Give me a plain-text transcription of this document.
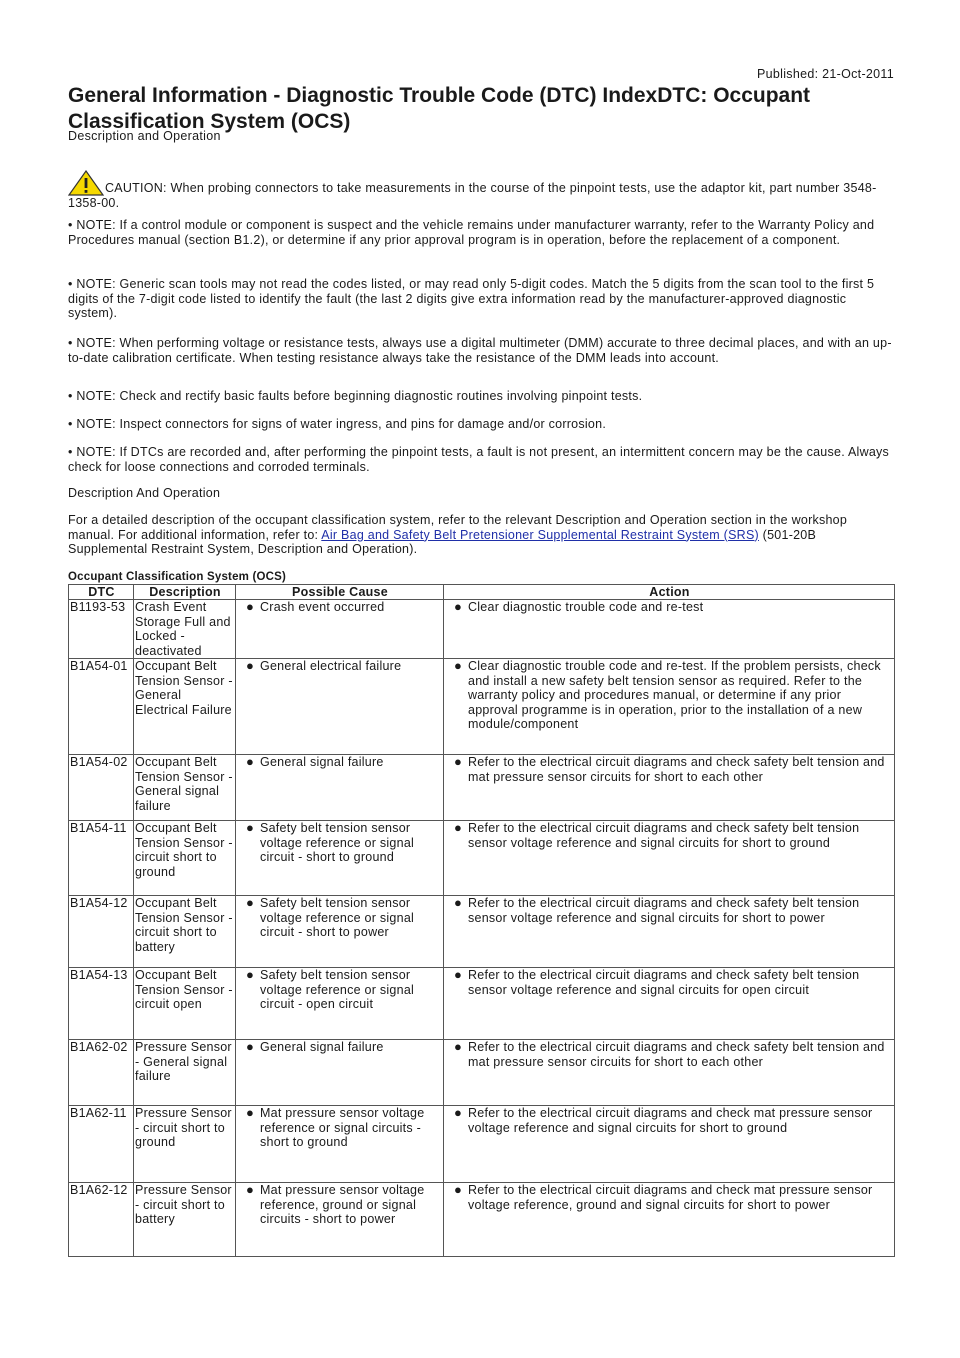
Published: 21-Oct-2011
General Information - Diagnostic Trouble Code (DTC) IndexDTC: Occupant Classification System (OCS)
Description and Operation

CAUTION: When probing connectors to take measurements in the course of the pinpoint tests, use the adaptor kit, part number 3548-1358-00.

• NOTE: If a control module or component is suspect and the vehicle remains under manufacturer warranty, refer to the Warranty Policy and Procedures manual (section B1.2), or determine if any prior approval program is in operation, before the replacement of a component.

• NOTE: Generic scan tools may not read the codes listed, or may read only 5-digit codes. Match the 5 digits from the scan tool to the first 5 digits of the 7-digit code listed to identify the fault (the last 2 digits give extra information read by the manufacturer-approved diagnostic system).

• NOTE: When performing voltage or resistance tests, always use a digital multimeter (DMM) accurate to three decimal places, and with an up-to-date calibration certificate. When testing resistance always take the resistance of the DMM leads into account.

• NOTE: Check and rectify basic faults before beginning diagnostic routines involving pinpoint tests.

• NOTE: Inspect connectors for signs of water ingress, and pins for damage and/or corrosion.

• NOTE: If DTCs are recorded and, after performing the pinpoint tests, a fault is not present, an intermittent concern may be the cause. Always check for loose connections and corroded terminals.

Description And Operation

For a detailed description of the occupant classification system, refer to the relevant Description and Operation section in the workshop manual. For additional information, refer to: Air Bag and Safety Belt Pretensioner Supplemental Restraint System (SRS) (501-20B Supplemental Restraint System, Description and Operation).

Occupant Classification System (OCS)
DTC	Description	Possible Cause	Action
B1193-53	Crash Event Storage Full and Locked - deactivated	● Crash event occurred	● Clear diagnostic trouble code and re-test

B1A54-01	Occupant Belt Tension Sensor - General Electrical Failure	● General electrical failure	● Clear diagnostic trouble code and re-test. If the problem persists, check and install a new safety belt tension sensor as required. Refer to the warranty policy and procedures manual, or determine if any prior approval programme is in operation, prior to the installation of a new module/component

B1A54-02	Occupant Belt Tension Sensor - General signal failure	● General signal failure	● Refer to the electrical circuit diagrams and check safety belt tension and mat pressure sensor circuits for short to each other

B1A54-11	Occupant Belt Tension Sensor - circuit short to ground	● Safety belt tension sensor voltage reference or signal circuit - short to ground	● Refer to the electrical circuit diagrams and check safety belt tension sensor voltage reference and signal circuits for short to ground

B1A54-12	Occupant Belt Tension Sensor - circuit short to battery	● Safety belt tension sensor voltage reference or signal circuit - short to power	● Refer to the electrical circuit diagrams and check safety belt tension sensor voltage reference and signal circuits for short to power

B1A54-13	Occupant Belt Tension Sensor - circuit open	● Safety belt tension sensor voltage reference or signal circuit - open circuit	● Refer to the electrical circuit diagrams and check safety belt tension sensor voltage reference and signal circuits for open circuit

B1A62-02	Pressure Sensor - General signal failure	● General signal failure	● Refer to the electrical circuit diagrams and check safety belt tension and mat pressure sensor circuits for short to each other

B1A62-11	Pressure Sensor - circuit short to ground	● Mat pressure sensor voltage reference or signal circuits - short to ground	● Refer to the electrical circuit diagrams and check mat pressure sensor voltage reference and signal circuits for short to ground

B1A62-12	Pressure Sensor - circuit short to battery	● Mat pressure sensor voltage reference, ground or signal circuits - short to power	● Refer to the electrical circuit diagrams and check mat pressure sensor voltage reference, ground and signal circuits for short to power
